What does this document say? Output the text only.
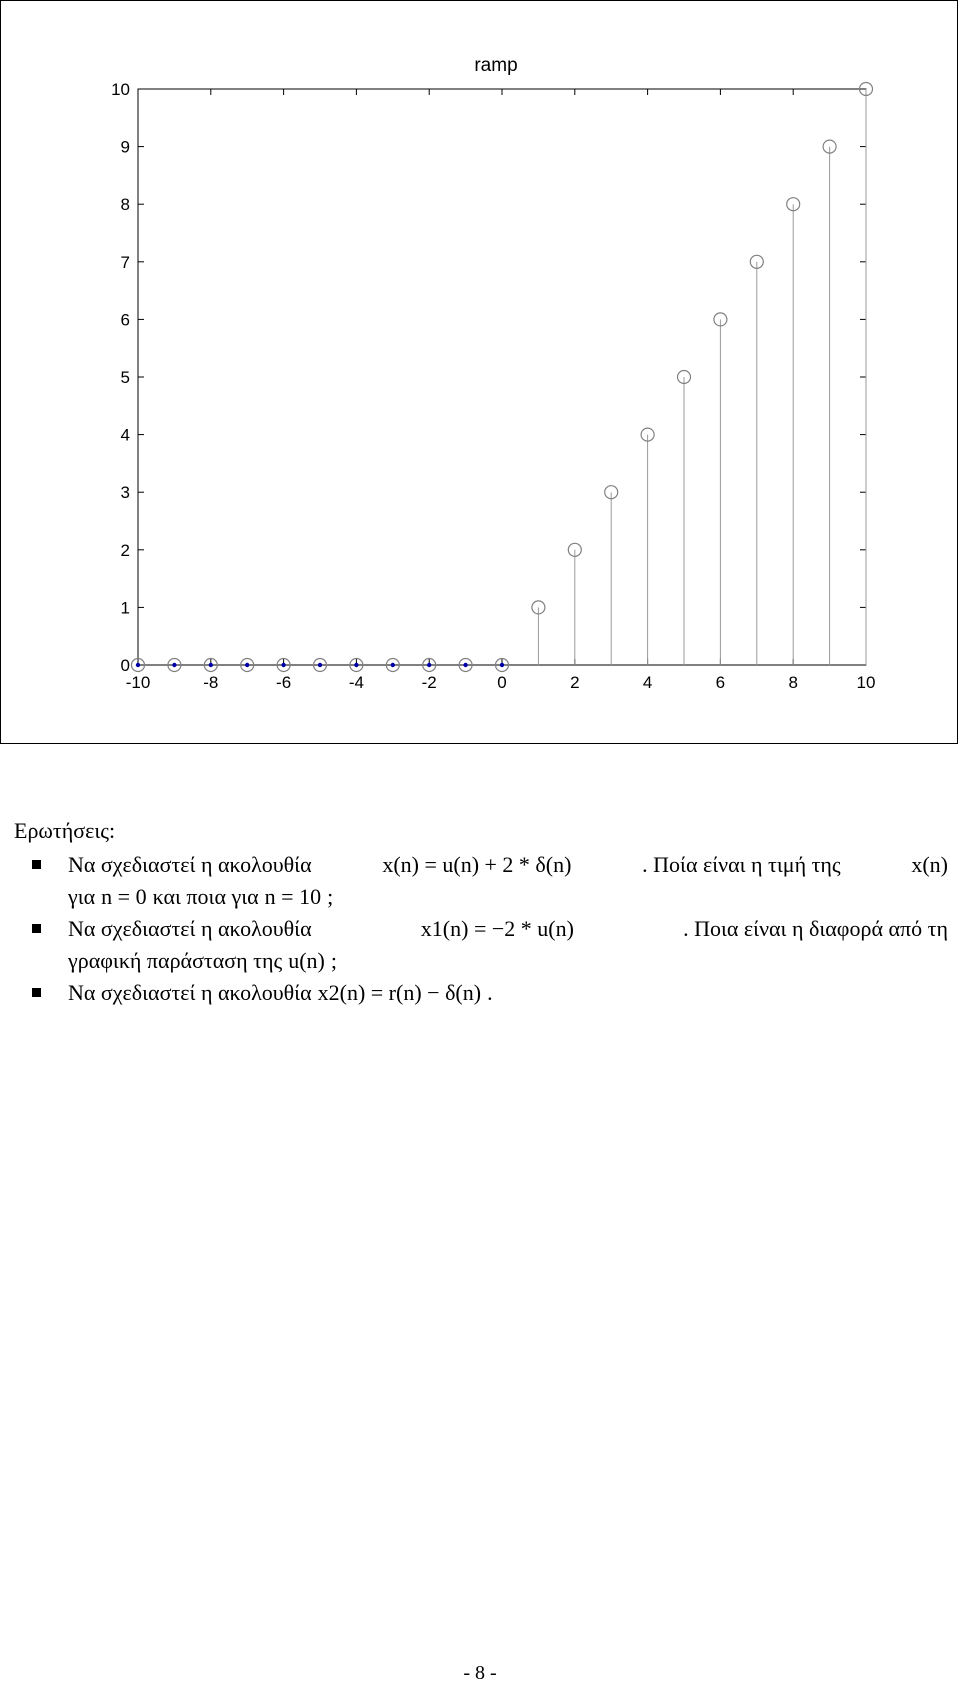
ramp
0
1
2
3
4
5
6
7
8
9
10
-10	-8	-6	-4	-2	0	2	4	6	8	10

Ερωτήσεις:

Να σχεδιαστεί η ακολουθία	x(n) = u(n) + 2 * δ(n)	. Ποία είναι η τιμή της	x(n)
για n = 0 και ποια για n = 10 ;
Να σχεδιαστεί η ακολουθία	x1(n) = −2 * u(n)	. Ποια είναι η διαφορά από τη
γραφική παράσταση της u(n) ;
Να σχεδιαστεί η ακολουθία x2(n) = r(n) − δ(n) .
- 8 -
